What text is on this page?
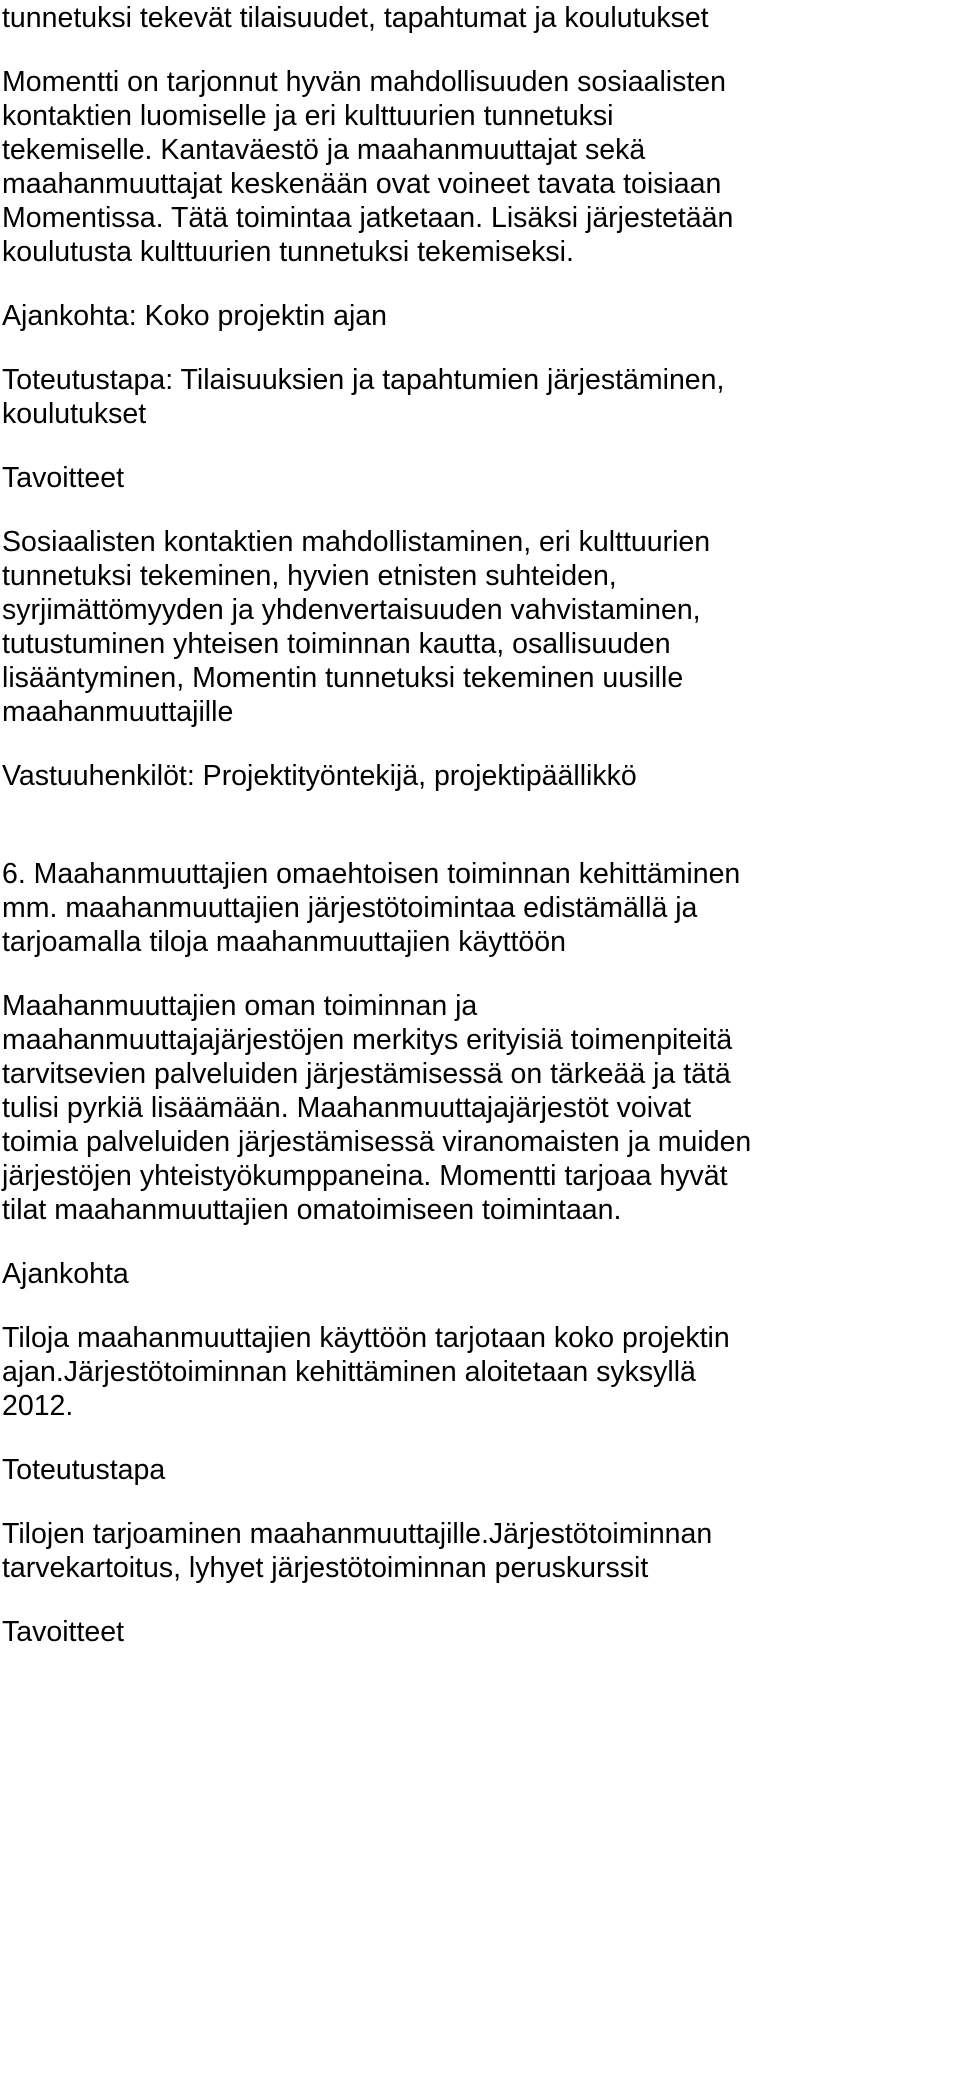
tunnetuksi tekevät tilaisuudet, tapahtumat ja koulutukset
Momentti on tarjonnut hyvän mahdollisuuden sosiaalisten
kontaktien luomiselle ja eri kulttuurien tunnetuksi
tekemiselle. Kantaväestö ja maahanmuuttajat sekä
maahanmuuttajat keskenään ovat voineet tavata toisiaan
Momentissa. Tätä toimintaa jatketaan. Lisäksi järjestetään
koulutusta kulttuurien tunnetuksi tekemiseksi.
Ajankohta: Koko projektin ajan
Toteutustapa: Tilaisuuksien ja tapahtumien järjestäminen,
koulutukset
Tavoitteet
Sosiaalisten kontaktien mahdollistaminen, eri kulttuurien
tunnetuksi tekeminen, hyvien etnisten suhteiden,
syrjimättömyyden ja yhdenvertaisuuden vahvistaminen,
tutustuminen yhteisen toiminnan kautta, osallisuuden
lisääntyminen, Momentin tunnetuksi tekeminen uusille
maahanmuuttajille
Vastuuhenkilöt: Projektityöntekijä, projektipäällikkö
6. Maahanmuuttajien omaehtoisen toiminnan kehittäminen
mm. maahanmuuttajien järjestötoimintaa edistämällä ja
tarjoamalla tiloja maahanmuuttajien käyttöön
Maahanmuuttajien oman toiminnan ja
maahanmuuttajajärjestöjen merkitys erityisiä toimenpiteitä
tarvitsevien palveluiden järjestämisessä on tärkeää ja tätä
tulisi pyrkiä lisäämään. Maahanmuuttajajärjestöt voivat
toimia palveluiden järjestämisessä viranomaisten ja muiden
järjestöjen yhteistyökumppaneina. Momentti tarjoaa hyvät
tilat maahanmuuttajien omatoimiseen toimintaan.
Ajankohta
Tiloja maahanmuuttajien käyttöön tarjotaan koko projektin
ajan.Järjestötoiminnan kehittäminen aloitetaan syksyllä
2012.
Toteutustapa
Tilojen tarjoaminen maahanmuuttajille.Järjestötoiminnan
tarvekartoitus, lyhyet järjestötoiminnan peruskurssit
Tavoitteet
